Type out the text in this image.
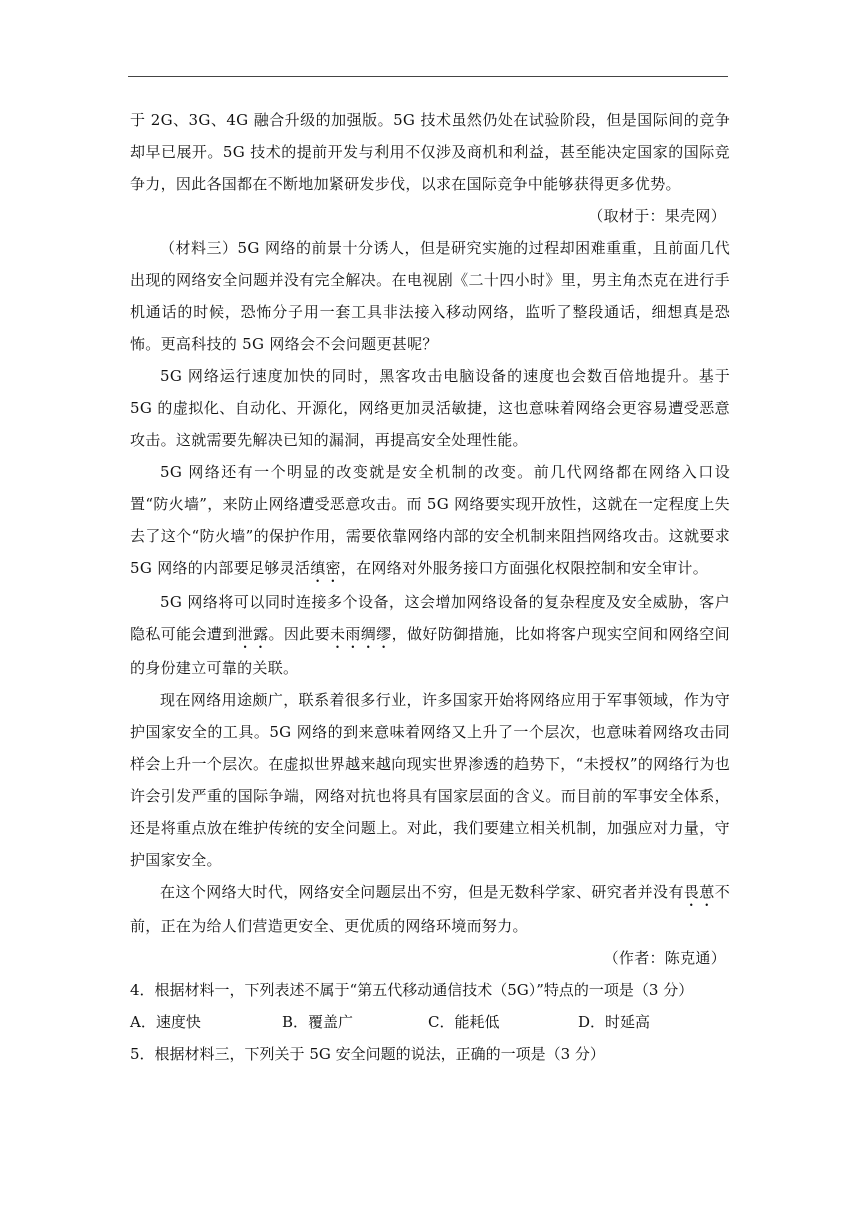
于 2G、3G、4G 融合升级的加强版。5G 技术虽然仍处在试验阶段，但是国际间的竞争却早已展开。5G 技术的提前开发与利用不仅涉及商机和利益，甚至能决定国家的国际竞争力，因此各国都在不断地加紧研发步伐，以求在国际竞争中能够获得更多优势。

（取材于：果壳网）

（材料三）5G 网络的前景十分诱人，但是研究实施的过程却困难重重，且前面几代出现的网络安全问题并没有完全解决。在电视剧《二十四小时》里，男主角杰克在进行手机通话的时候，恐怖分子用一套工具非法接入移动网络，监听了整段通话，细想真是恐怖。更高科技的 5G 网络会不会问题更甚呢？

5G 网络运行速度加快的同时，黑客攻击电脑设备的速度也会数百倍地提升。基于 5G 的虚拟化、自动化、开源化，网络更加灵活敏捷，这也意味着网络会更容易遭受恶意攻击。这就需要先解决已知的漏洞，再提高安全处理性能。

5G 网络还有一个明显的改变就是安全机制的改变。前几代网络都在网络入口设置“防火墙”，来防止网络遭受恶意攻击。而 5G 网络要实现开放性，这就在一定程度上失去了这个“防火墙”的保护作用，需要依靠网络内部的安全机制来阻挡网络攻击。这就要求 5G 网络的内部要足够灵活缜密，在网络对外服务接口方面强化权限控制和安全审计。

5G 网络将可以同时连接多个设备，这会增加网络设备的复杂程度及安全威胁，客户隐私可能会遭到泄露。因此要未雨绸缪，做好防御措施，比如将客户现实空间和网络空间的身份建立可靠的关联。

现在网络用途颇广，联系着很多行业，许多国家开始将网络应用于军事领域，作为守护国家安全的工具。5G 网络的到来意味着网络又上升了一个层次，也意味着网络攻击同样会上升一个层次。在虚拟世界越来越向现实世界渗透的趋势下，“未授权”的网络行为也许会引发严重的国际争端，网络对抗也将具有国家层面的含义。而目前的军事安全体系，还是将重点放在维护传统的安全问题上。对此，我们要建立相关机制，加强应对力量，守护国家安全。

在这个网络大时代，网络安全问题层出不穷，但是无数科学家、研究者并没有畏葸不前，正在为给人们营造更安全、更优质的网络环境而努力。

（作者：陈克通）

4．根据材料一，下列表述不属于“第五代移动通信技术（5G）”特点的一项是（3 分）
A．速度快	B．覆盖广	C．能耗低	D．时延高
5．根据材料三，下列关于 5G 安全问题的说法，正确的一项是（3 分）
